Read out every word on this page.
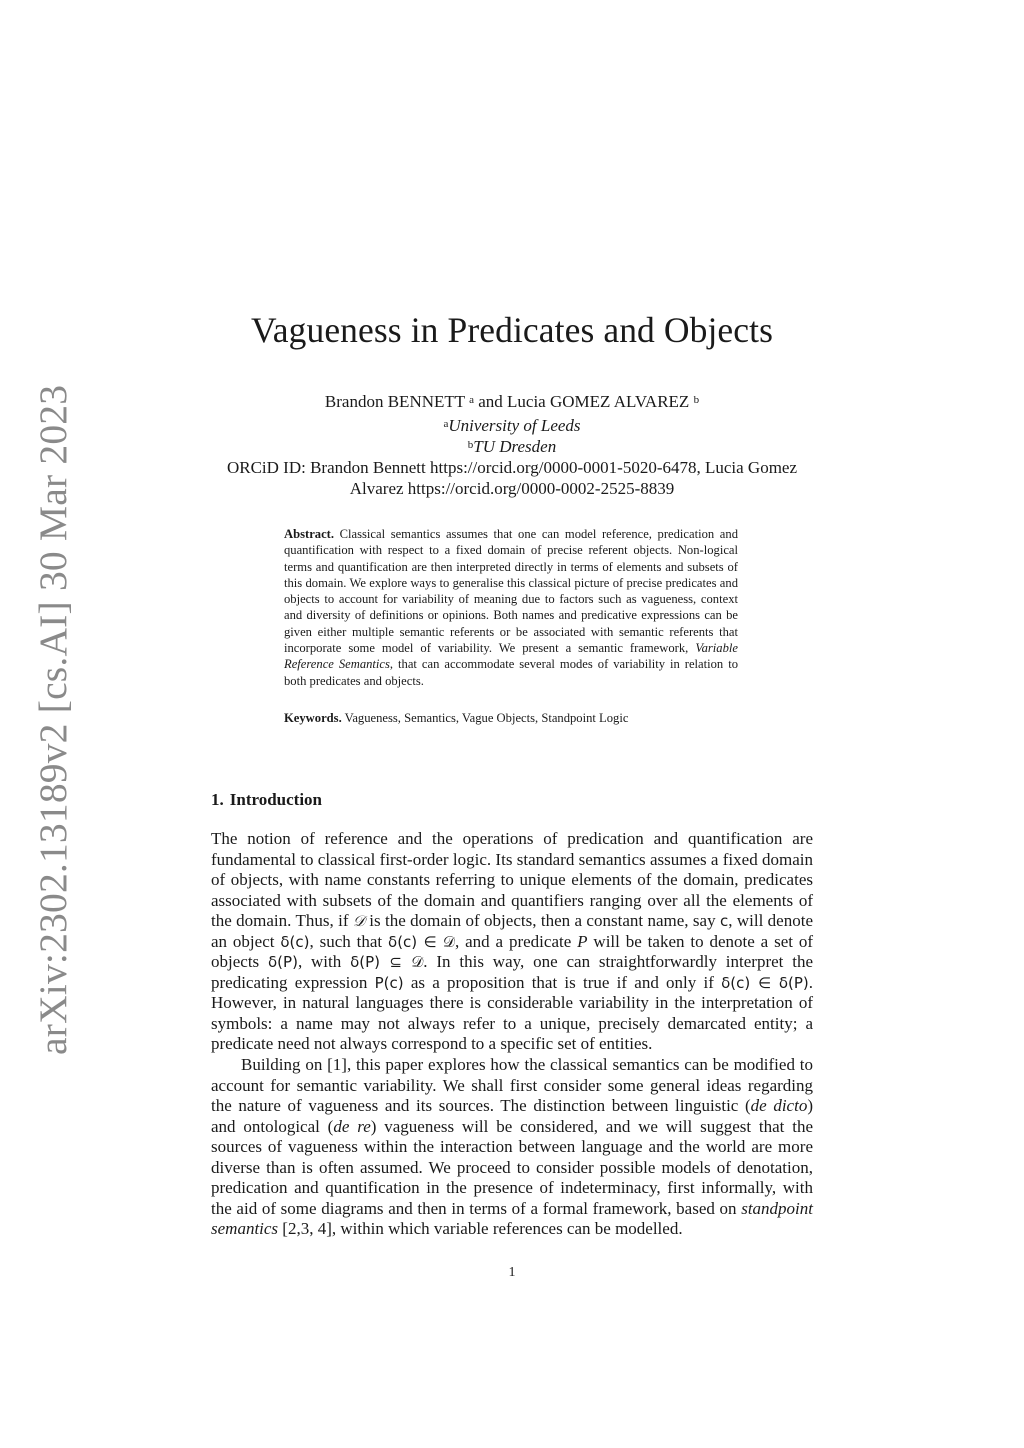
arXiv:2302.13189v2 [cs.AI] 30 Mar 2023
Vagueness in Predicates and Objects
Brandon BENNETT $^a$ and Lucia GOMEZ ALVAREZ $^b$
$^a$University of Leeds
$^b$TU Dresden
ORCiD ID: Brandon Bennett https://orcid.org/0000-0001-5020-6478, Lucia Gomez
Alvarez https://orcid.org/0000-0002-2525-8839
Abstract. Classical semantics assumes that one can model reference, predication and quantification with respect to a fixed domain of precise referent objects. Non-logical terms and quantification are then interpreted directly in terms of elements and subsets of this domain. We explore ways to generalise this classical picture of precise predicates and objects to account for variability of meaning due to factors such as vagueness, context and diversity of definitions or opinions. Both names and predicative expressions can be given either multiple semantic referents or be associated with semantic referents that incorporate some model of variability. We present a semantic framework, Variable Reference Semantics, that can accommodate several modes of variability in relation to both predicates and objects.
Keywords. Vagueness, Semantics, Vague Objects, Standpoint Logic
1. Introduction

The notion of reference and the operations of predication and quantification are fundamental to classical first-order logic. Its standard semantics assumes a fixed domain of objects, with name constants referring to unique elements of the domain, predicates associated with subsets of the domain and quantifiers ranging over all the elements of the domain. Thus, if 𝒟 is the domain of objects, then a constant name, say c, will denote an object δ(c), such that δ(c) ∈ 𝒟, and a predicate P will be taken to denote a set of objects δ(P), with δ(P) ⊆ 𝒟. In this way, one can straightforwardly interpret the predicating expression P(c) as a proposition that is true if and only if δ(c) ∈ δ(P). However, in natural languages there is considerable variability in the interpretation of symbols: a name may not always refer to a unique, precisely demarcated entity; a predicate need not always correspond to a specific set of entities.

Building on [1], this paper explores how the classical semantics can be modified to account for semantic variability. We shall first consider some general ideas regarding the nature of vagueness and its sources. The distinction between linguistic (de dicto) and ontological (de re) vagueness will be considered, and we will suggest that the sources of vagueness within the interaction between language and the world are more diverse than is often assumed. We proceed to consider possible models of denotation, predication and quantification in the presence of indeterminacy, first informally, with the aid of some diagrams and then in terms of a formal framework, based on standpoint semantics [2,3, 4], within which variable references can be modelled.

1
